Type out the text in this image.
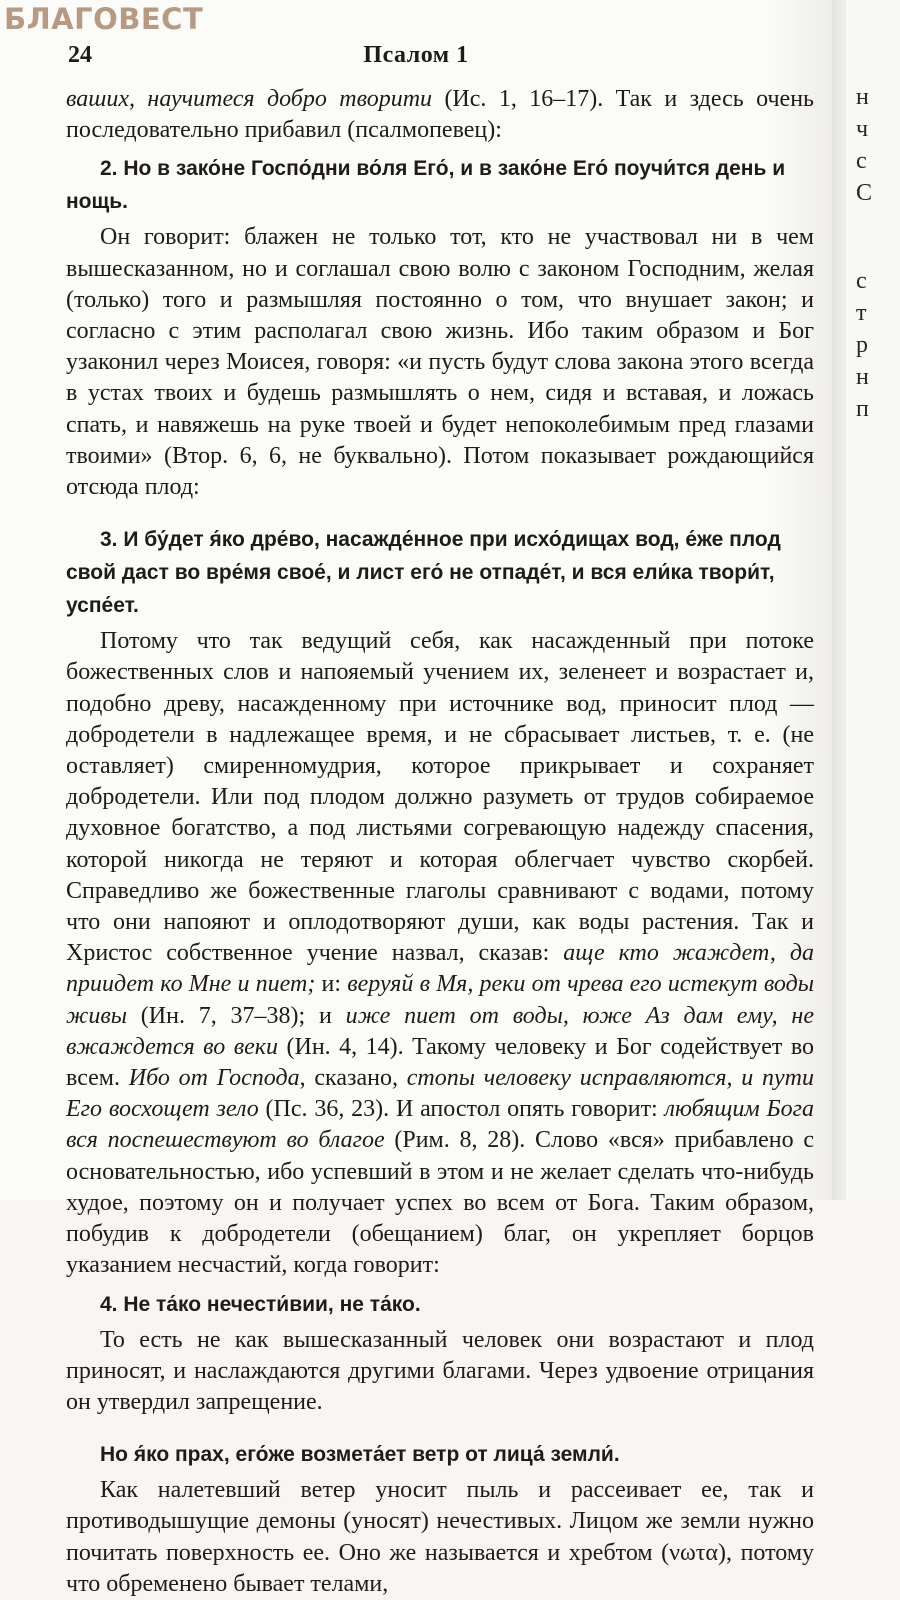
БЛАГОВЕСТ
24	Псалом 1

ваших, научитеся добро творити (Ис. 1, 16–17). Так и здесь очень последовательно прибавил (псалмопевец):

2. Но в зако́не Госпо́дни во́ля Его́, и в зако́не Его́ поучи́тся день и нощь.

Он говорит: блажен не только тот, кто не участвовал ни в чем вышесказанном, но и соглашал свою волю с законом Господним, желая (только) того и размышляя постоянно о том, что внушает закон; и согласно с этим располагал свою жизнь. Ибо таким образом и Бог узаконил через Моисея, говоря: «и пусть будут слова закона этого всегда в устах твоих и будешь размышлять о нем, сидя и вставая, и ложась спать, и навяжешь на руке твоей и будет непоколебимым пред глазами твоими» (Втор. 6, 6, не буквально). Потом показывает рождающийся отсюда плод:

3. И бу́дет я́ко дре́во, насажде́нное при исхо́дищах вод, е́же плод свой даст во вре́мя свое́, и лист его́ не отпаде́т, и вся ели́ка твори́т, успе́ет.

Потому что так ведущий себя, как насажденный при потоке божественных слов и напояемый учением их, зеленеет и возрастает и, подобно древу, насажденному при источнике вод, приносит плод — добродетели в надлежащее время, и не сбрасывает листьев, т. е. (не оставляет) смиренномудрия, которое прикрывает и сохраняет добродетели. Или под плодом должно разуметь от трудов собираемое духовное богатство, а под листьями согревающую надежду спасения, которой никогда не теряют и которая облегчает чувство скорбей. Справедливо же божественные глаголы сравнивают с водами, потому что они напояют и оплодотворяют души, как воды растения. Так и Христос собственное учение назвал, сказав: аще кто жаждет, да приидет ко Мне и пиет; и: веруяй в Мя, реки от чрева его истекут воды живы (Ин. 7, 37–38); и иже пиет от воды, юже Аз дам ему, не вжаждется во веки (Ин. 4, 14). Такому человеку и Бог содействует во всем. Ибо от Господа, сказано, стопы человеку исправляются, и пути Его восхощет зело (Пс. 36, 23). И апостол опять говорит: любящим Бога вся поспешествуют во благое (Рим. 8, 28). Слово «вся» прибавлено с основательностью, ибо успевший в этом и не желает сделать что-нибудь худое, поэтому он и получает успех во всем от Бога. Таким образом, побудив к добродетели (обещанием) благ, он укрепляет борцов указанием несчастий, когда говорит:

4. Не та́ко нечести́вии, не та́ко.

То есть не как вышесказанный человек они возрастают и плод приносят, и наслаждаются другими благами. Через удвоение отрицания он утвердил запрещение.

Но я́ко прах, его́же возмета́ет ветр от лица́ земли́.

Как налетевший ветер уносит пыль и рассеивает ее, так и противодышущие демоны (уносят) нечестивых. Лицом же земли нужно почитать поверхность ее. Оно же называется и хребтом (νωτα), потому что обременено бывает телами,

н
ч
с
С
с
т
р
н
п
